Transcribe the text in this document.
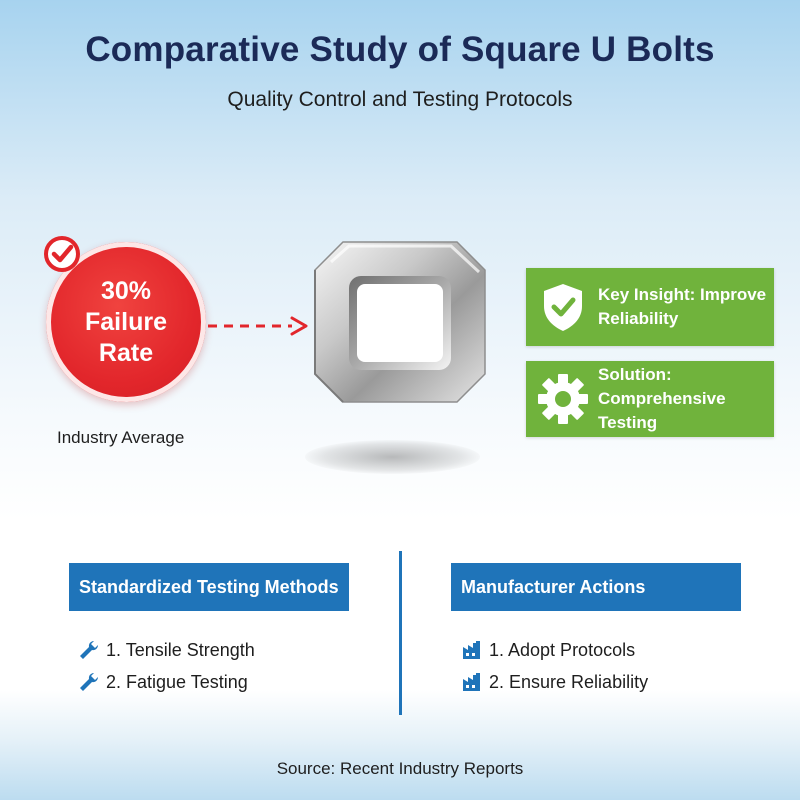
Comparative Study of Square U Bolts
Quality Control and Testing Protocols
30%
Failure
Rate
Industry Average
Key Insight: Improve
Reliability
Solution:
Comprehensive Testing
Standardized Testing Methods	Manufacturer Actions
1. Tensile Strength
2. Fatigue Testing
1. Adopt Protocols
2. Ensure Reliability
Source: Recent Industry Reports
